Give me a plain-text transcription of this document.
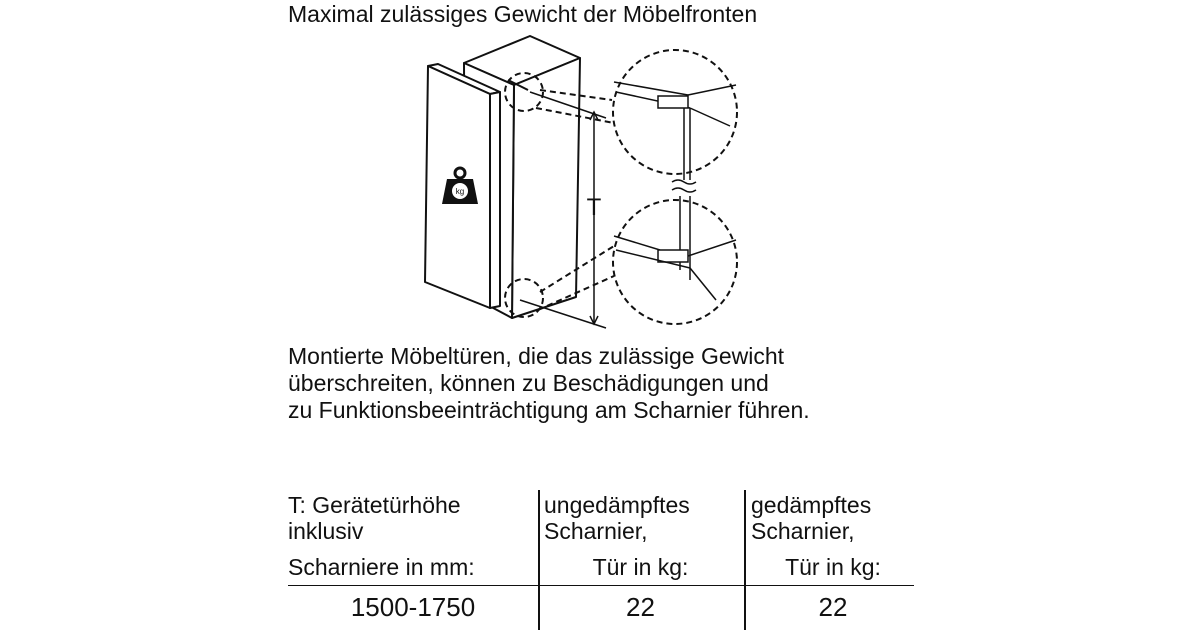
Maximal zulässiges Gewicht der Möbelfronten
kg
T
Montierte Möbeltüren, die das zulässige Gewicht
überschreiten, können zu Beschädigungen und
zu Funktionsbeeinträchtigung am Scharnier führen.
T: Gerätetürhöhe
inklusiv
Scharniere in mm:
ungedämpftes
Scharnier,
Tür in kg:
gedämpftes
Scharnier,
Tür in kg:
1500-1750	22	22
